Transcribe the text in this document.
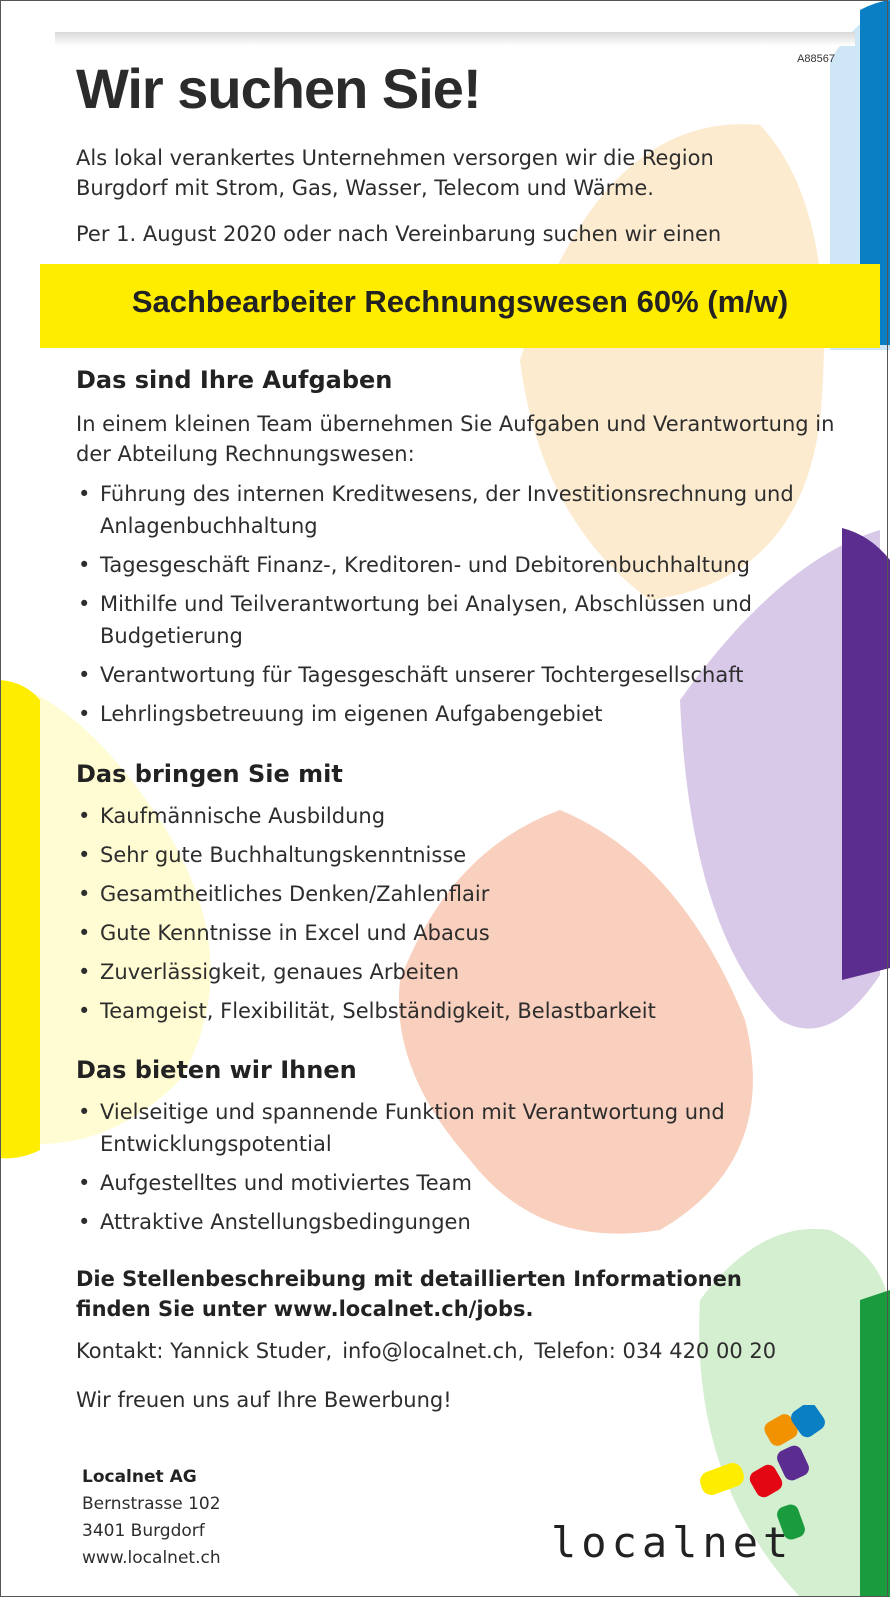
A88567
Wir suchen Sie!

Als lokal verankertes Unternehmen versorgen wir die Region Burgdorf mit Strom, Gas, Wasser, Telecom und Wärme.

Per 1. August 2020 oder nach Vereinbarung suchen wir einen

Sachbearbeiter Rechnungswesen 60% (m/w)

Das sind Ihre Aufgaben

In einem kleinen Team übernehmen Sie Aufgaben und Verantwortung in der Abteilung Rechnungswesen:

• Führung des internen Kreditwesens, der Investitionsrechnung und Anlagenbuchhaltung
• Tagesgeschäft Finanz-, Kreditoren- und Debitorenbuchhaltung
• Mithilfe und Teilverantwortung bei Analysen, Abschlüssen und Budgetierung
• Verantwortung für Tagesgeschäft unserer Tochtergesellschaft
• Lehrlingsbetreuung im eigenen Aufgabengebiet
Das bringen Sie mit
• Kaufmännische Ausbildung
• Sehr gute Buchhaltungskenntnisse
• Gesamtheitliches Denken/Zahlenflair
• Gute Kenntnisse in Excel und Abacus
• Zuverlässigkeit, genaues Arbeiten
• Teamgeist, Flexibilität, Selbständigkeit, Belastbarkeit
Das bieten wir Ihnen
• Vielseitige und spannende Funktion mit Verantwortung und Entwicklungspotential
• Aufgestelltes und motiviertes Team
• Attraktive Anstellungsbedingungen

Die Stellenbeschreibung mit detaillierten Informationen finden Sie unter www.localnet.ch/jobs.

Kontakt: Yannick Studer, info@localnet.ch, Telefon: 034 420 00 20

Wir freuen uns auf Ihre Bewerbung!

Localnet AG
Bernstrasse 102
3401 Burgdorf
www.localnet.ch	localnet
